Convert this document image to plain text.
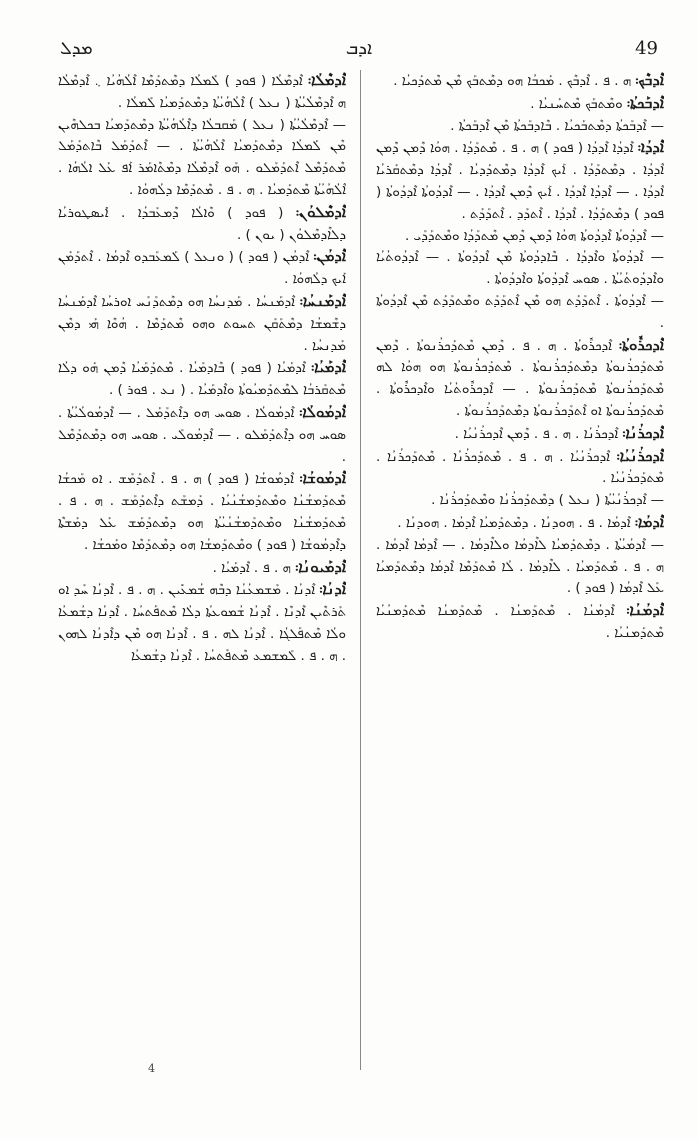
ܡܕܠ	ܐܕܒ	49

ܐܶܕܡܶܠܳܐ܃ ܐܶܕܡܶܠܳܐ ( ܦܘܕ ) ܠܰܡܠܳܐ ܕܡܶܬܕܰܡܶܐ ܐܶܠܳܗܳܝܳܐ ܆ ܐܶܕܡܶܠܳܐ ܗ ܐܶܕܡܶܠܳܝܳܬܳܐ ( ܢܥܠ ) ܐܶܠܳܗܳܝܳܬܳܐ ܕܡܶܬܕܰܡܝܳܐ ܠܰܡܠܳܐ .

— ܐܶܕܡܶܠܳܝܳܬܳܐ ( ܢܥܠ ) ܡܰܩܒܠܳܐ ܕܐܶܠܳܗܳܝܳܬܳܐ ܕܡܶܬܕܰܡܝܳܐ ܒܟܠܗܶܝܢ ܡܶܢ ܠܰܡܠܳܐ ܕܡܶܬܕܰܡܝܳܐ ܐܶܠܳܗܳܝܳܬܳܐ . — ܐܶܬܕܰܡܰܠ ܒܶܐܬܕܰܡܰܠ ܡܶܬܕܰܡܶܠ ܐܶܬܕܰܡܰܠܘ . ܗܰܘ ܐܶܕܡܶܠܳܐ ܕܡܶܬܶܐܡܰܪ ܐܰܦ ܥܰܠ ܐܠܳܗܳܐ . ܐܶܠܳܗܳܝܳܬܳܐ ܡܶܬܕܰܡܝܳܐ . ܗ . ܦ . ܡܶܬܕܰܡܶܐ ܕܠܳܗܘܳܐ .

ܐܶܕܡܶܠܘܳܢ܃ ( ܦܘܕ ) ܘܶܐܠܳܐ ܕܶܡܥܰܒܕܳܐ . ܐܺܝܣܛܘܪܝܳܐ ܕܠܐܶܕܡܶܠܘܳܢ ( ܝܘܢ ) .

ܐܶܕܡܳܢ܃ ܐܶܕܡܳܢ ( ܦܘܕ ) ( ܘܢܥܠ ) ܠܰܡܥܰܒܕܘ ܐܶܕܡܳܐ . ܐܶܬܕܰܡܰܢ ܐܰܝܟ ܕܠܳܗܘܳܐ .

ܐܶܕܡܰܢܚܳܐ܃ ܐܶܕܡܰܢܚܳܐ . ܡܰܕܢܚܳܐ ܗܘ ܕܡܶܬܕܰܢܰܚ ܐܘܪܚܳܐ ܐܶܕܡܰܢܚܳܐ ܕܫܶܡܫܳܐ ܕܡܶܬܰܩܰܢ ܬܚܘܬ ܘܗܘ ܡܶܬܕܰܡܶܐ . ܗܳܘܶܐ ܗܰܝ ܕܡܶܢ ܡܰܕܢܚܳܐ .

ܐܶܕܡܰܝܳܐ܃ ܐܶܕܡܰܝܳܐ ( ܦܘܕ ) ܒܶܐܕܡܰܝܳܐ . ܡܶܬܕܰܡܰܝܳܐ ܕܶܡܢ ܗܰܘ ܕܠܳܐ ܡܶܬܩܰܪܒܳܐ ܠܡܶܬܕܰܡܝܳܘܬܳܐ ܘܐܶܕܡܰܝܳܐ . ( ܢܥ . ܦܘܪ ) .

ܐܶܕܡܳܘܠܳܐ܃ ܐܶܕܡܳܘܠܳܐ . ܣܘܚ ܗܘ ܕܐܶܬܕܰܡܰܠ . — ܐܶܕܡܳܘܠܳܝܳܬܳܐ . ܣܘܚ ܗܘ ܕܐܶܬܕܰܡܰܠܘ . — ܐܶܕܡܳܘܠܰܝ . ܣܘܚ ܗܘ ܕܡܶܬܕܰܡܶܠ .

ܐܶܕܡܳܘܫܳܐ܃ ܐܶܕܡܳܘܫܳܐ ( ܦܘܕ ) ܗ . ܦ . ܐܶܬܕܰܡܰܫ . ܐܘ ܡܰܟܫܳܐ ܡܶܬܕܰܡܫܳܢܳܐ ܘܡܶܬܕܰܡܫܳܢܳܝܳܐ . ܕܰܡܫܰܬ ܕܐܶܬܕܰܡܰܫ . ܗ . ܦ . ܡܶܬܕܰܡܫܳܢܳܐ ܘܡܶܬܕܰܡܫܳܢܳܝܳܬܳܐ ܗܘ ܕܡܶܬܕܰܡܰܫ ܥܰܠ ܕܡܰܫܬܶܐ ܕܐܶܕܡܳܘܫܳܐ ( ܦܘܕ ) ܘܡܶܬܕܰܡܫܳܐ ܗܘ ܕܡܶܬܕܰܡܶܐ ܘܡܰܟܫܳܐ .

ܐܶܕܡܰܝܘܢܳܐ܃ ܗ . ܦ . ܐܶܕܡܰܝܳܐ .

ܐܶܕܢܳܐ܃ ܐܶܕܢܳܐ . ܡܰܫܡܥܳܢܳܐ ܕܒܶܗ ܫܳܡܥܺܝܢ . ܗ . ܦ . ܐܶܕܢܳܐ ܚܰܕ ܐܘ ܬܰܪܬܶܝܢ ܐܶܕܢܶܐ . ܐܶܕܢܳܐ ܫܳܡܘܥܬܳܐ ܕܠܳܐ ܡܶܬܦܰܬܚܳܐ . ܐܶܕܢܳܐ ܕܫܳܡܥܳܐ ܘܠܳܐ ܡܶܬܦܰܠܓܳܐ . ܐܶܕܢܳܐ ܠܗ . ܦ . ܐܶܕܢܳܐ ܗܘ ܡܶܢ ܕܐܶܕܢܳܐ ܠܗܘܢ . ܗ . ܦ . ܠܰܡܫܡܥ ܡܶܬܦܰܬܚܳܐ . ܐܶܕܢܳܐ ܕܫܳܡܥܳܐ

ܐܶܕܒܶܟ܃ ܗ . ܦ . ܐܶܕܒܶܟ . ܡܰܟܒܳܐ ܗܘ ܕܡܶܬܒܰܟ ܡܶܢ ܡܶܬܕܰܟܝܳܐ .

ܐܶܕܒܰܟܬܳܐ܃ ܘܡܶܬܒܰܟ ܡܶܬܚܰܢܝܳܐ .

— ܐܶܕܒܰܟܬܳܐ ܕܡܶܬܒܰܟܝܳܐ . ܒܶܐܕܒܰܟܬܳܐ ܡܶܢ ܐܶܕܒܰܟܬܳܐ .

ܐܶܕܕܳܐ܃ ܐܶܕܕܳܐ ܐܶܕܕܳܐ ( ܦܘܕ ) ܗ . ܦ . ܡܶܬܕܰܕܳܐ . ܗܘܳܐ ܕܶܡܢ ܕܶܡܢ ܐܶܕܕܳܐ . ܕܡܶܬܕܰܕܳܐ . ܐܰܝܟ ܐܶܕܕܳܐ ܕܡܶܬܕܰܕܝܳܐ . ܐܶܕܕܳܐ ܕܡܶܬܩܰܪܝܳܐ ܐܶܕܕܳܐ . — ܐܶܕܕܳܐ ܐܶܕܕܳܐ . ܐܰܝܟ ܕܶܡܢ ܐܶܕܕܳܐ . — ܐܶܕܕܳܘܬܳܐ ܐܶܕܕܳܘܬܳܐ ( ܦܘܕ ) ܕܡܶܬܕܰܕܳܐ . ܐܶܕܕܳܐ . ܐܶܬܕܰܕ . ܐܶܬܕܰܕܰܬ .

— ܐܶܕܕܳܘܬܳܐ ܐܶܕܕܳܘܬܳܐ ܗܘܳܐ ܕܶܡܢ ܕܶܡܢ ܡܶܬܕܰܕܳܐ ܘܡܶܬܕܰܕܰܝ .

— ܐܶܕܕܳܘܬܳܐ ܘܐܶܕܕܳܐ . ܒܶܐܕܕܳܘܬܳܐ ܡܶܢ ܐܶܕܕܳܘܬܳܐ . — ܐܶܕܕܳܘܬܳܝܳܐ ܘܐܶܕܕܳܘܬܳܝܳܬܳܐ . ܣܘܚ ܐܶܕܕܳܘܬܳܐ ܘܐܶܕܕܳܘܬܳܐ .

— ܐܶܕܕܳܘܬܳܐ . ܐܶܬܕܰܕܰܬ ܗܘ ܡܶܢ ܐܶܬܕܰܕܰܬ ܘܡܶܬܕܰܕܰܬ ܡܶܢ ܐܶܕܕܳܘܬܳܐ .

ܐܶܕܟܪܽܘܬܳܐ܃ ܐܶܕܟܪܽܘܬܳܐ . ܗ . ܦ . ܕܶܡܢ ܡܶܬܕܰܟܪܳܢܘܬܳܐ . ܕܶܡܢ ܡܶܬܕܰܟܪܳܢܘܬܳܐ ܕܡܶܬܕܰܟܪܳܢܘܬܳܐ . ܡܶܬܕܰܟܪܳܢܘܬܳܐ ܗܘ ܗܘܳܐ ܠܗ ܡܶܬܕܰܟܪܳܢܘܬܳܐ ܡܶܬܕܰܟܪܳܢܘܬܳܐ . — ܐܶܕܟܪܽܘܬܳܝܳܐ ܘܐܶܕܟܪܽܘܬܳܐ . ܡܶܬܕܰܟܪܳܢܘܬܳܐ ܐܘ ܐܶܬܕܰܟܪܳܢܘܬܳܐ ܕܡܶܬܕܰܟܪܳܢܘܬܳܐ .

ܐܶܕܟܪܳܢܳܐ܃ ܐܶܕܟܪܳܢܳܐ . ܗ . ܦ . ܕܶܡܢ ܐܶܕܟܪܳܢܳܝܳܐ .

ܐܶܕܟܪܳܢܳܝܳܐ܃ ܐܶܕܟܪܳܢܳܝܳܐ . ܗ . ܦ . ܡܶܬܕܰܟܪܳܢܳܐ . ܡܶܬܕܰܟܪܳܢܳܐ . ܡܶܬܕܰܟܪܳܢܳܝܳܐ .

— ܐܶܕܟܪܳܢܳܝܳܬܳܐ ( ܢܥܠ ) ܕܡܶܬܕܰܟܪܳܢܳܐ ܘܡܶܬܕܰܟܪܳܢܳܐ .

ܐܶܕܡܳܐ܃ ܐܶܕܡܳܐ . ܦ . ܗܘܕܢܳܐ . ܕܡܶܬܕܰܡܝܳܐ ܐܶܕܡܳܐ . ܗܘܕܢܳܐ .

— ܐܶܕܡܳܝܳܬܳܐ . ܕܡܶܬܕܰܡܝܳܐ ܠܐܶܕܡܳܐ ܘܠܐܶܕܡܳܐ . — ܐܶܕܡܳܐ ܐܶܕܡܳܐ . ܗ . ܦ . ܡܶܬܕܰܡܝܳܐ . ܠܐܶܕܡܳܐ . ܠܳܐ ܡܶܬܕܰܡܶܐ ܐܶܕܡܳܐ ܕܡܶܬܕܰܡܝܳܐ ܥܰܠ ܐܶܕܡܳܐ ( ܦܘܕ ) .

ܐܶܕܡܳܢܳܐ܃ ܐܶܕܡܳܢܳܐ . ܡܶܬܕܰܡܢܳܐ . ܡܶܬܕܰܡܢܳܐ ܡܶܬܕܰܡܢܳܝܳܐ ܡܶܬܕܰܡܢܳܝܳܐ .

4
